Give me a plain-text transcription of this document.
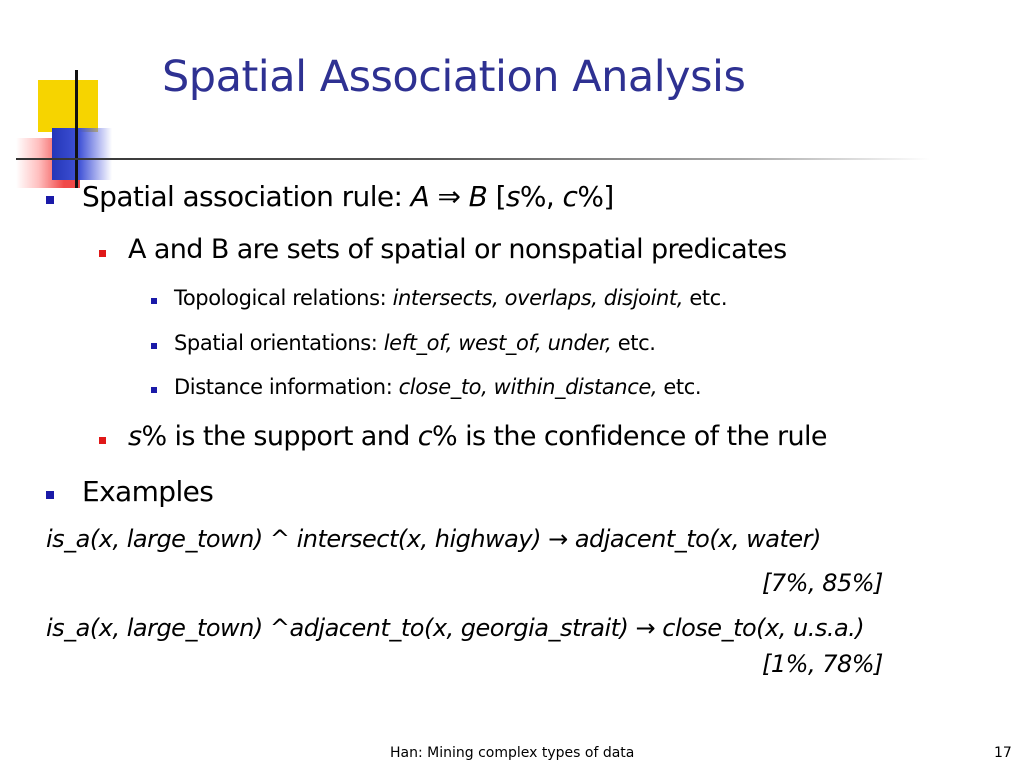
Spatial Association Analysis
Spatial association rule: A ⇒ B [s%, c%]
A and B are sets of spatial or nonspatial predicates
Topological relations: intersects, overlaps, disjoint, etc.
Spatial orientations: left_of, west_of, under, etc.
Distance information: close_to, within_distance, etc.
s% is the support and c% is the confidence of the rule
Examples
is_a(x, large_town) ^ intersect(x, highway) → adjacent_to(x, water)
[7%, 85%]
is_a(x, large_town) ^adjacent_to(x, georgia_strait) → close_to(x, u.s.a.)
[1%, 78%]
Han: Mining complex types of data	17
